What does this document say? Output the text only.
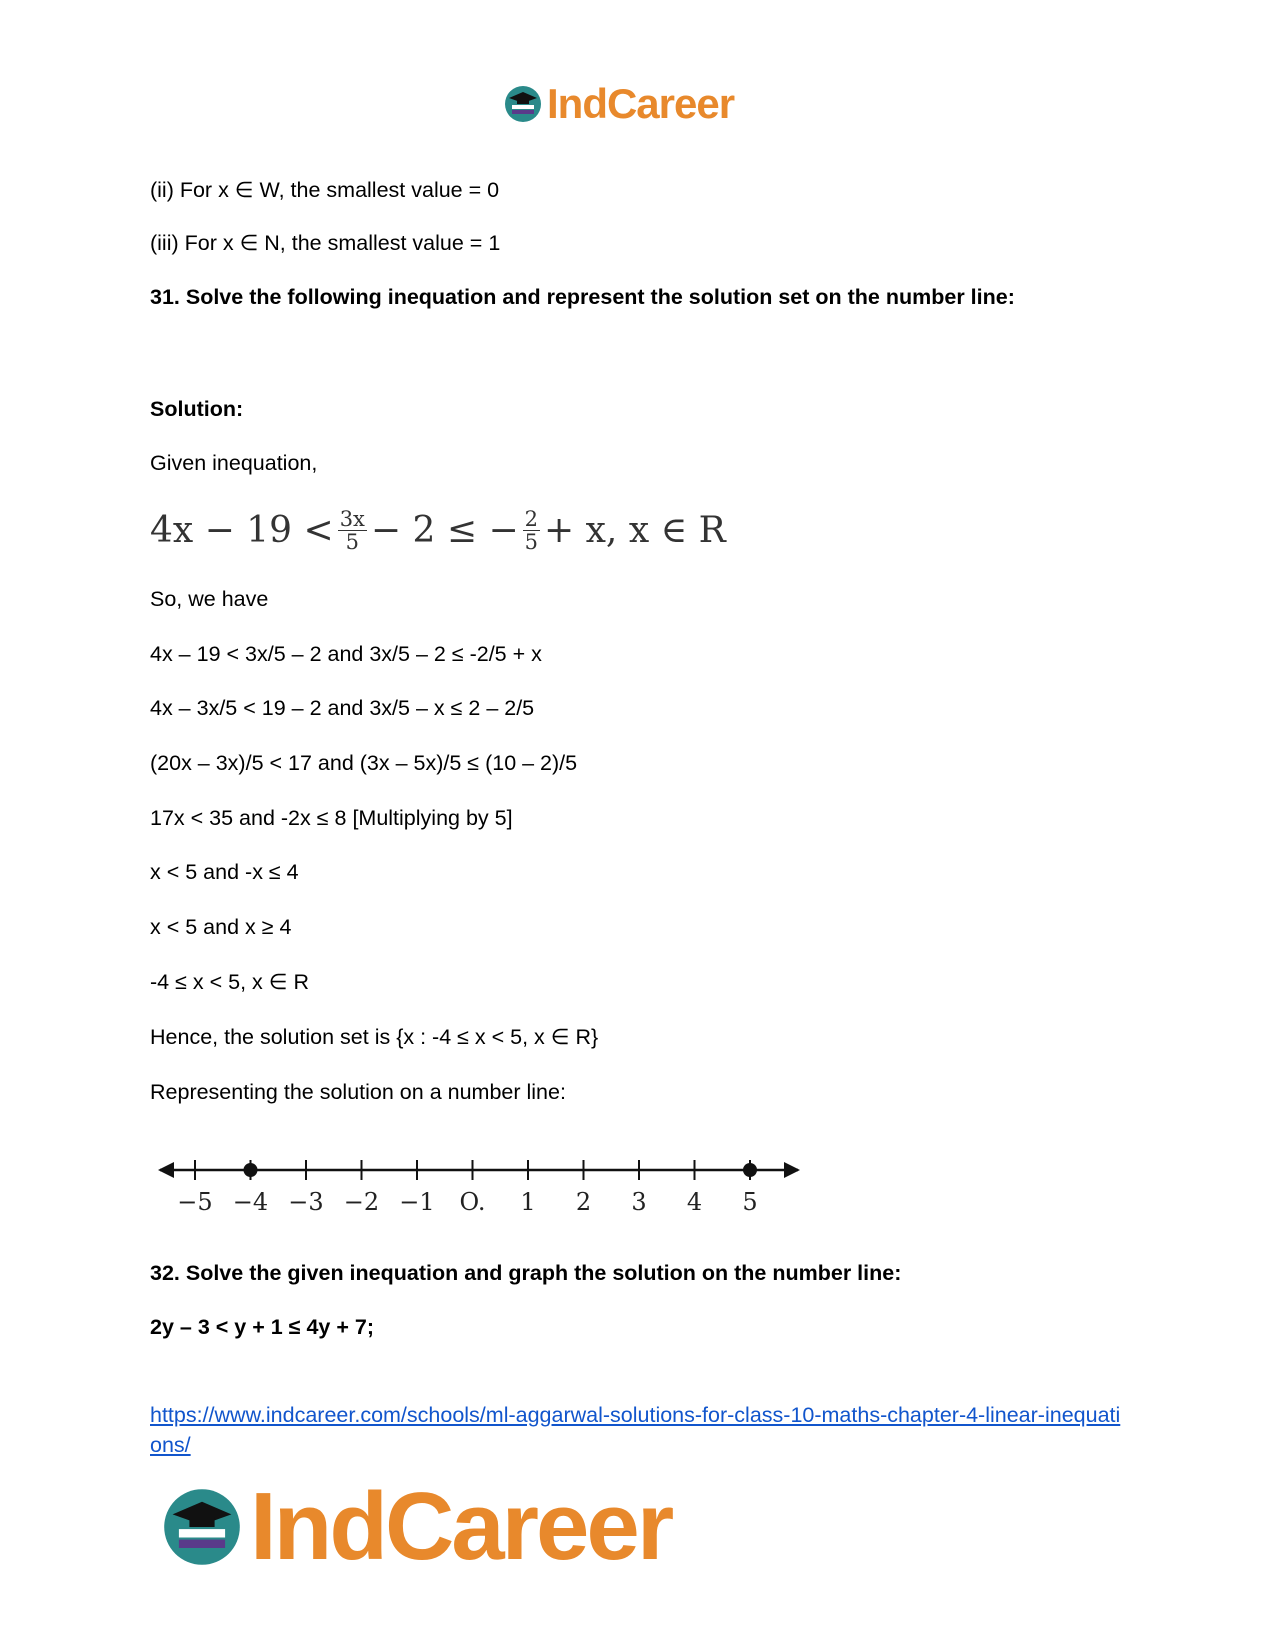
IndCareer
(ii) For x ∈ W, the smallest value = 0
(iii) For x ∈ N, the smallest value = 1
31. Solve the following inequation and represent the solution set on the number line:
Solution:
Given inequation,
$4x - 19 < \frac{3x}{5} - 2$ ≤ − $\frac{2}{5} + x$, x ∈ R
So, we have
4x – 19 < 3x/5 – 2 and 3x/5 – 2 ≤ -2/5 + x
4x – 3x/5 < 19 – 2 and 3x/5 – x ≤ 2 – 2/5
(20x – 3x)/5 < 17 and (3x – 5x)/5 ≤ (10 – 2)/5
17x < 35 and -2x ≤ 8 [Multiplying by 5]
x < 5 and -x ≤ 4
x < 5 and x ≥ 4
-4 ≤ x < 5, x ∈ R
Hence, the solution set is {x : -4 ≤ x < 5, x ∈ R}
Representing the solution on a number line:
−5 −4 −3 −2 −1 O. 1 2 3 4 5
32. Solve the given inequation and graph the solution on the number line:
2y – 3 < y + 1 ≤ 4y + 7;
https://www.indcareer.com/schools/ml-aggarwal-solutions-for-class-10-maths-chapter-4-linear-inequations/
IndCareer
